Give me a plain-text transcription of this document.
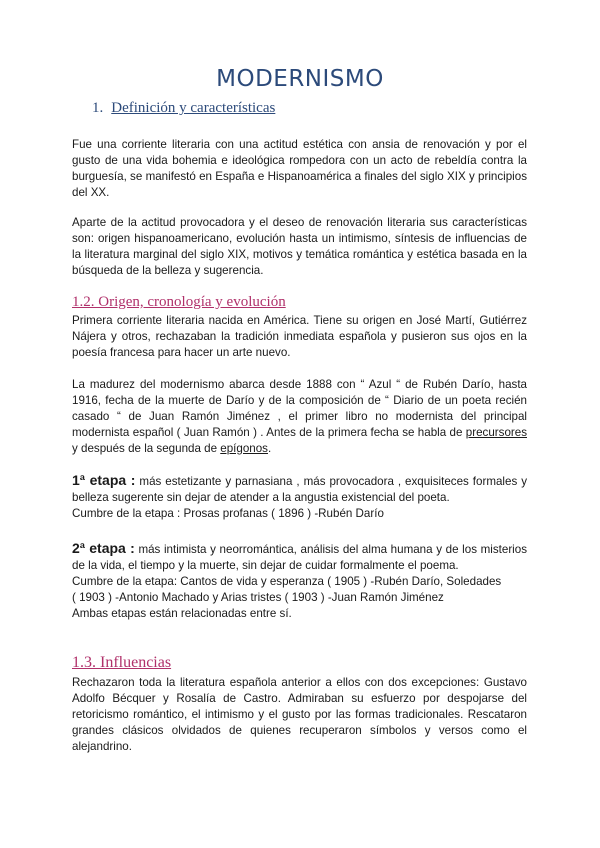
MODERNISMO
1. Definición y características
Fue una corriente literaria con una actitud estética con ansia de renovación y por el gusto de una vida bohemia e ideológica rompedora con un acto de rebeldía contra la burguesía, se manifestó en España e Hispanoamérica a finales del siglo XIX y principios del XX.
Aparte de la actitud provocadora y el deseo de renovación literaria sus características son: origen hispanoamericano, evolución hasta un intimismo, síntesis de influencias de la literatura marginal del siglo XIX, motivos y temática romántica y estética basada en la búsqueda de la belleza y sugerencia.
1.2. Origen, cronología y evolución
Primera corriente literaria nacida en América. Tiene su origen en José Martí, Gutiérrez Nájera y otros, rechazaban la tradición inmediata española y pusieron sus ojos en la poesía francesa para hacer un arte nuevo.
La madurez del modernismo abarca desde 1888 con “ Azul “ de Rubén Darío, hasta 1916, fecha de la muerte de Darío y de la composición de “ Diario de un poeta recién casado “ de Juan Ramón Jiménez , el primer libro no modernista del principal modernista español ( Juan Ramón ) . Antes de la primera fecha se habla de precursores y después de la segunda de epígonos.
1ª etapa : más estetizante y parnasiana , más provocadora , exquisiteces formales y belleza sugerente sin dejar de atender a la angustia existencial del poeta.
Cumbre de la etapa : Prosas profanas ( 1896 ) -Rubén Darío
2ª etapa : más intimista y neorromántica, análisis del alma humana y de los misterios de la vida, el tiempo y la muerte, sin dejar de cuidar formalmente el poema.
Cumbre de la etapa: Cantos de vida y esperanza ( 1905 ) -Rubén Darío, Soledades
( 1903 ) -Antonio Machado y Arias tristes ( 1903 ) -Juan Ramón Jiménez
Ambas etapas están relacionadas entre sí.
1.3. Influencias
Rechazaron toda la literatura española anterior a ellos con dos excepciones: Gustavo Adolfo Bécquer y Rosalía de Castro. Admiraban su esfuerzo por despojarse del retoricismo romántico, el intimismo y el gusto por las formas tradicionales. Rescataron grandes clásicos olvidados de quienes recuperaron símbolos y versos como el alejandrino.
